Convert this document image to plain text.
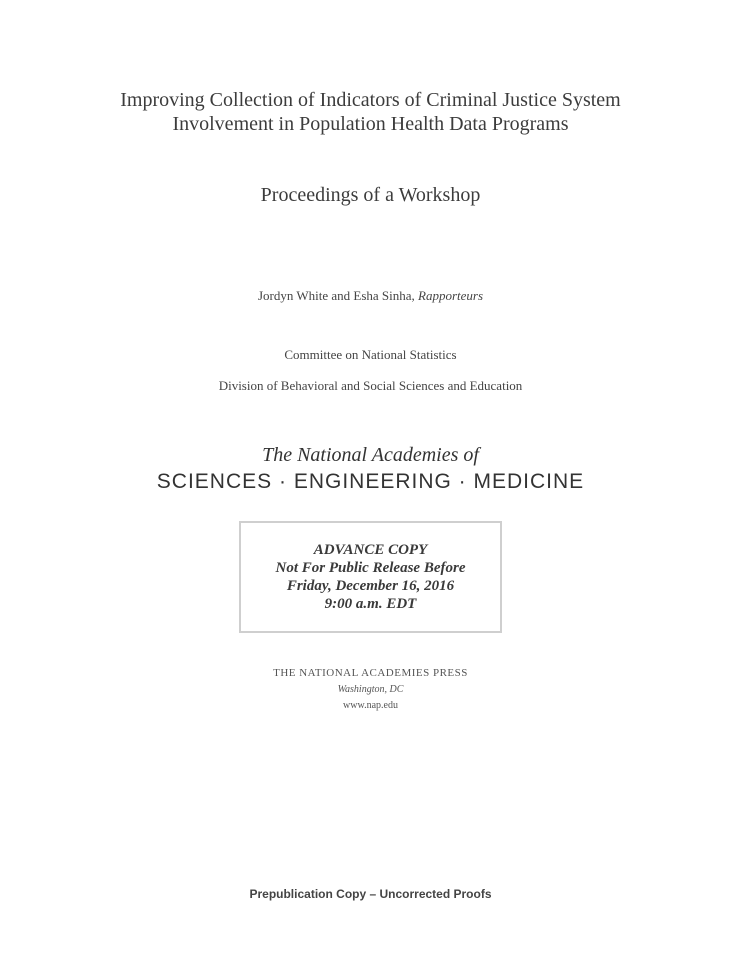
Improving Collection of Indicators of Criminal Justice System
Involvement in Population Health Data Programs
Proceedings of a Workshop
Jordyn White and Esha Sinha, Rapporteurs
Committee on National Statistics
Division of Behavioral and Social Sciences and Education
The National Academies of
SCIENCES · ENGINEERING · MEDICINE
ADVANCE COPY
Not For Public Release Before
Friday, December 16, 2016
9:00 a.m. EDT
THE NATIONAL ACADEMIES PRESS
Washington, DC
www.nap.edu
Prepublication Copy – Uncorrected Proofs
